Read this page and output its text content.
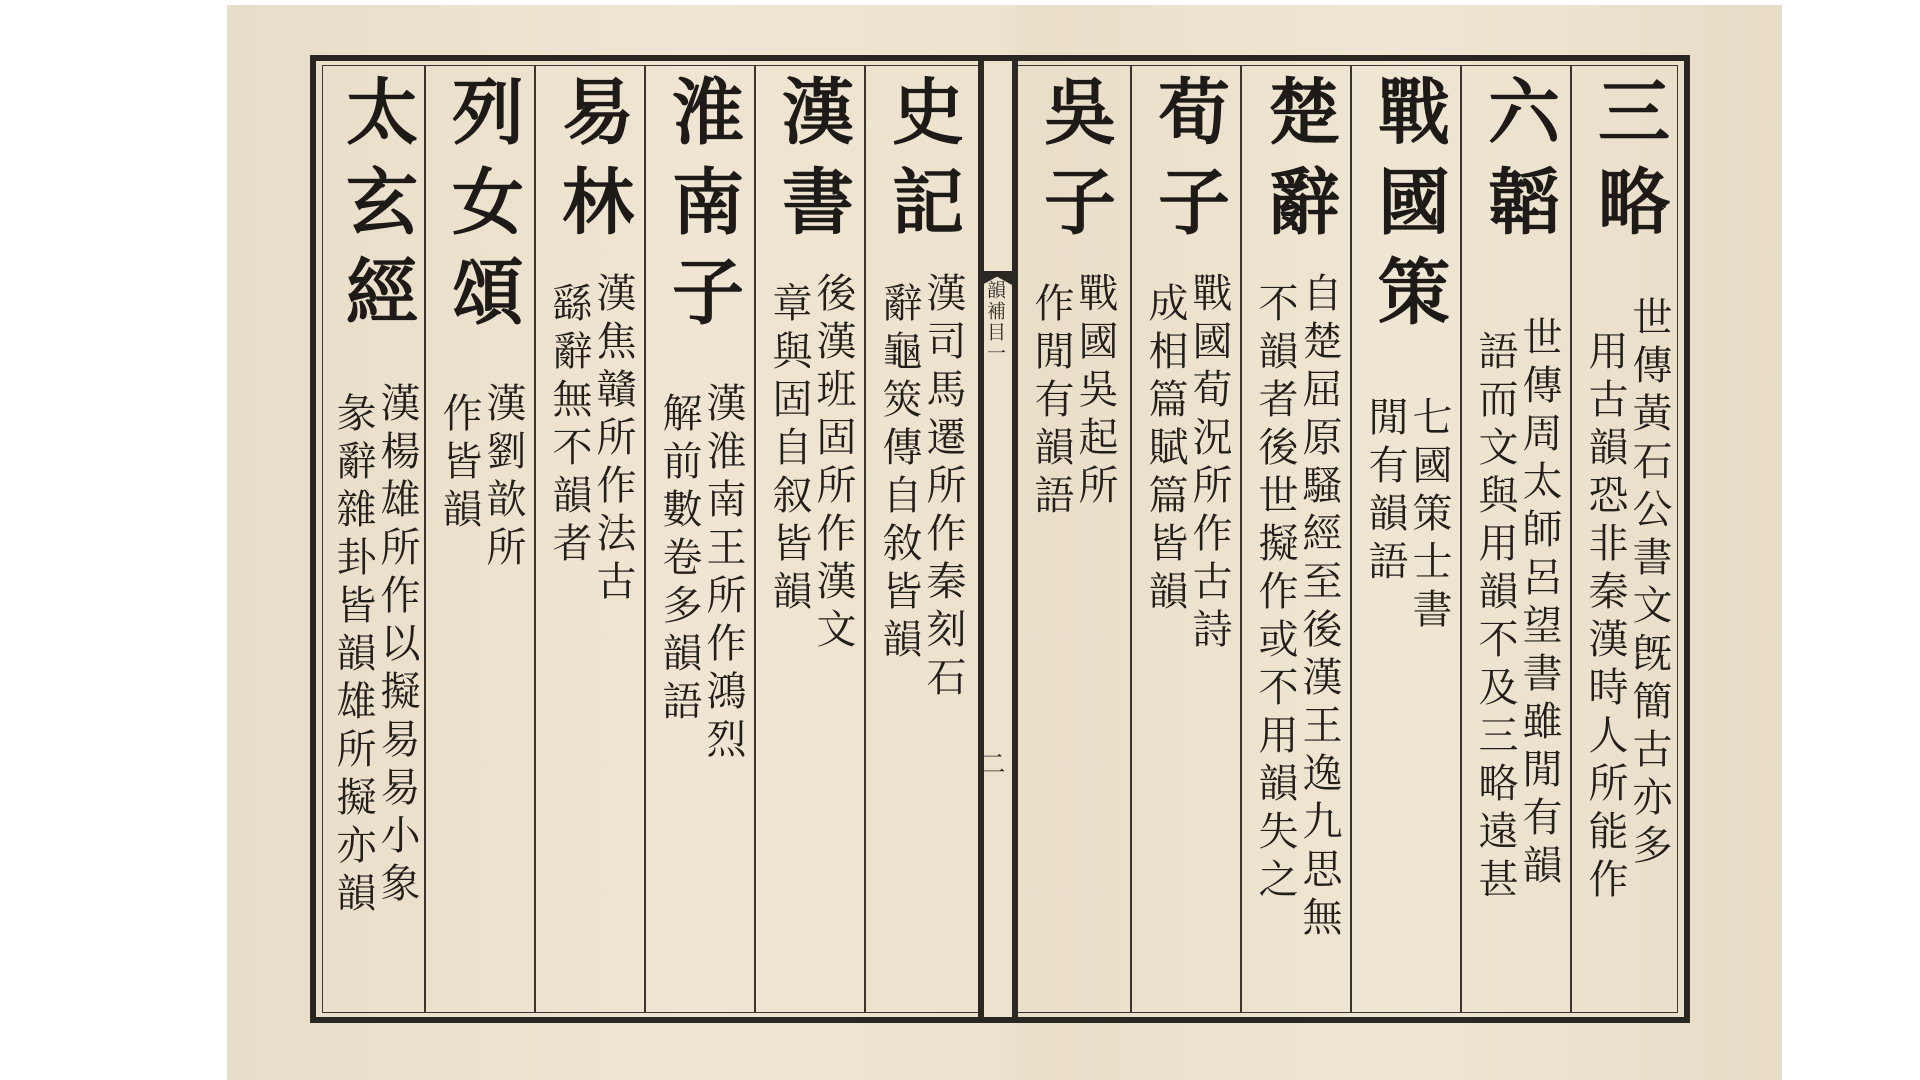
韻補目一
二
三略
世傳黃石公書文旣簡古亦多
用古韻恐非秦漢時人所能作
六韜
世傳周太師呂望書雖閒有韻
語而文與用韻不及三略遠甚
戰國策
七國策士書
閒有韻語
楚辭
自楚屈原騷經至後漢王逸九思無
不韻者後世擬作或不用韻失之
荀子
戰國荀況所作古詩
成相篇賦篇皆韻
吳子
戰國吳起所
作閒有韻語
史記
漢司馬遷所作秦刻石
辭龜筴傳自敘皆韻
漢書
後漢班固所作漢文
章與固自叙皆韻
淮南子
漢淮南王所作鴻烈
解前數卷多韻語
易林
漢焦贛所作法古
繇辭無不韻者
列女頌
漢劉歆所
作皆韻
太玄經
漢楊雄所作以擬易易小象
彖辭雜卦皆韻雄所擬亦韻
